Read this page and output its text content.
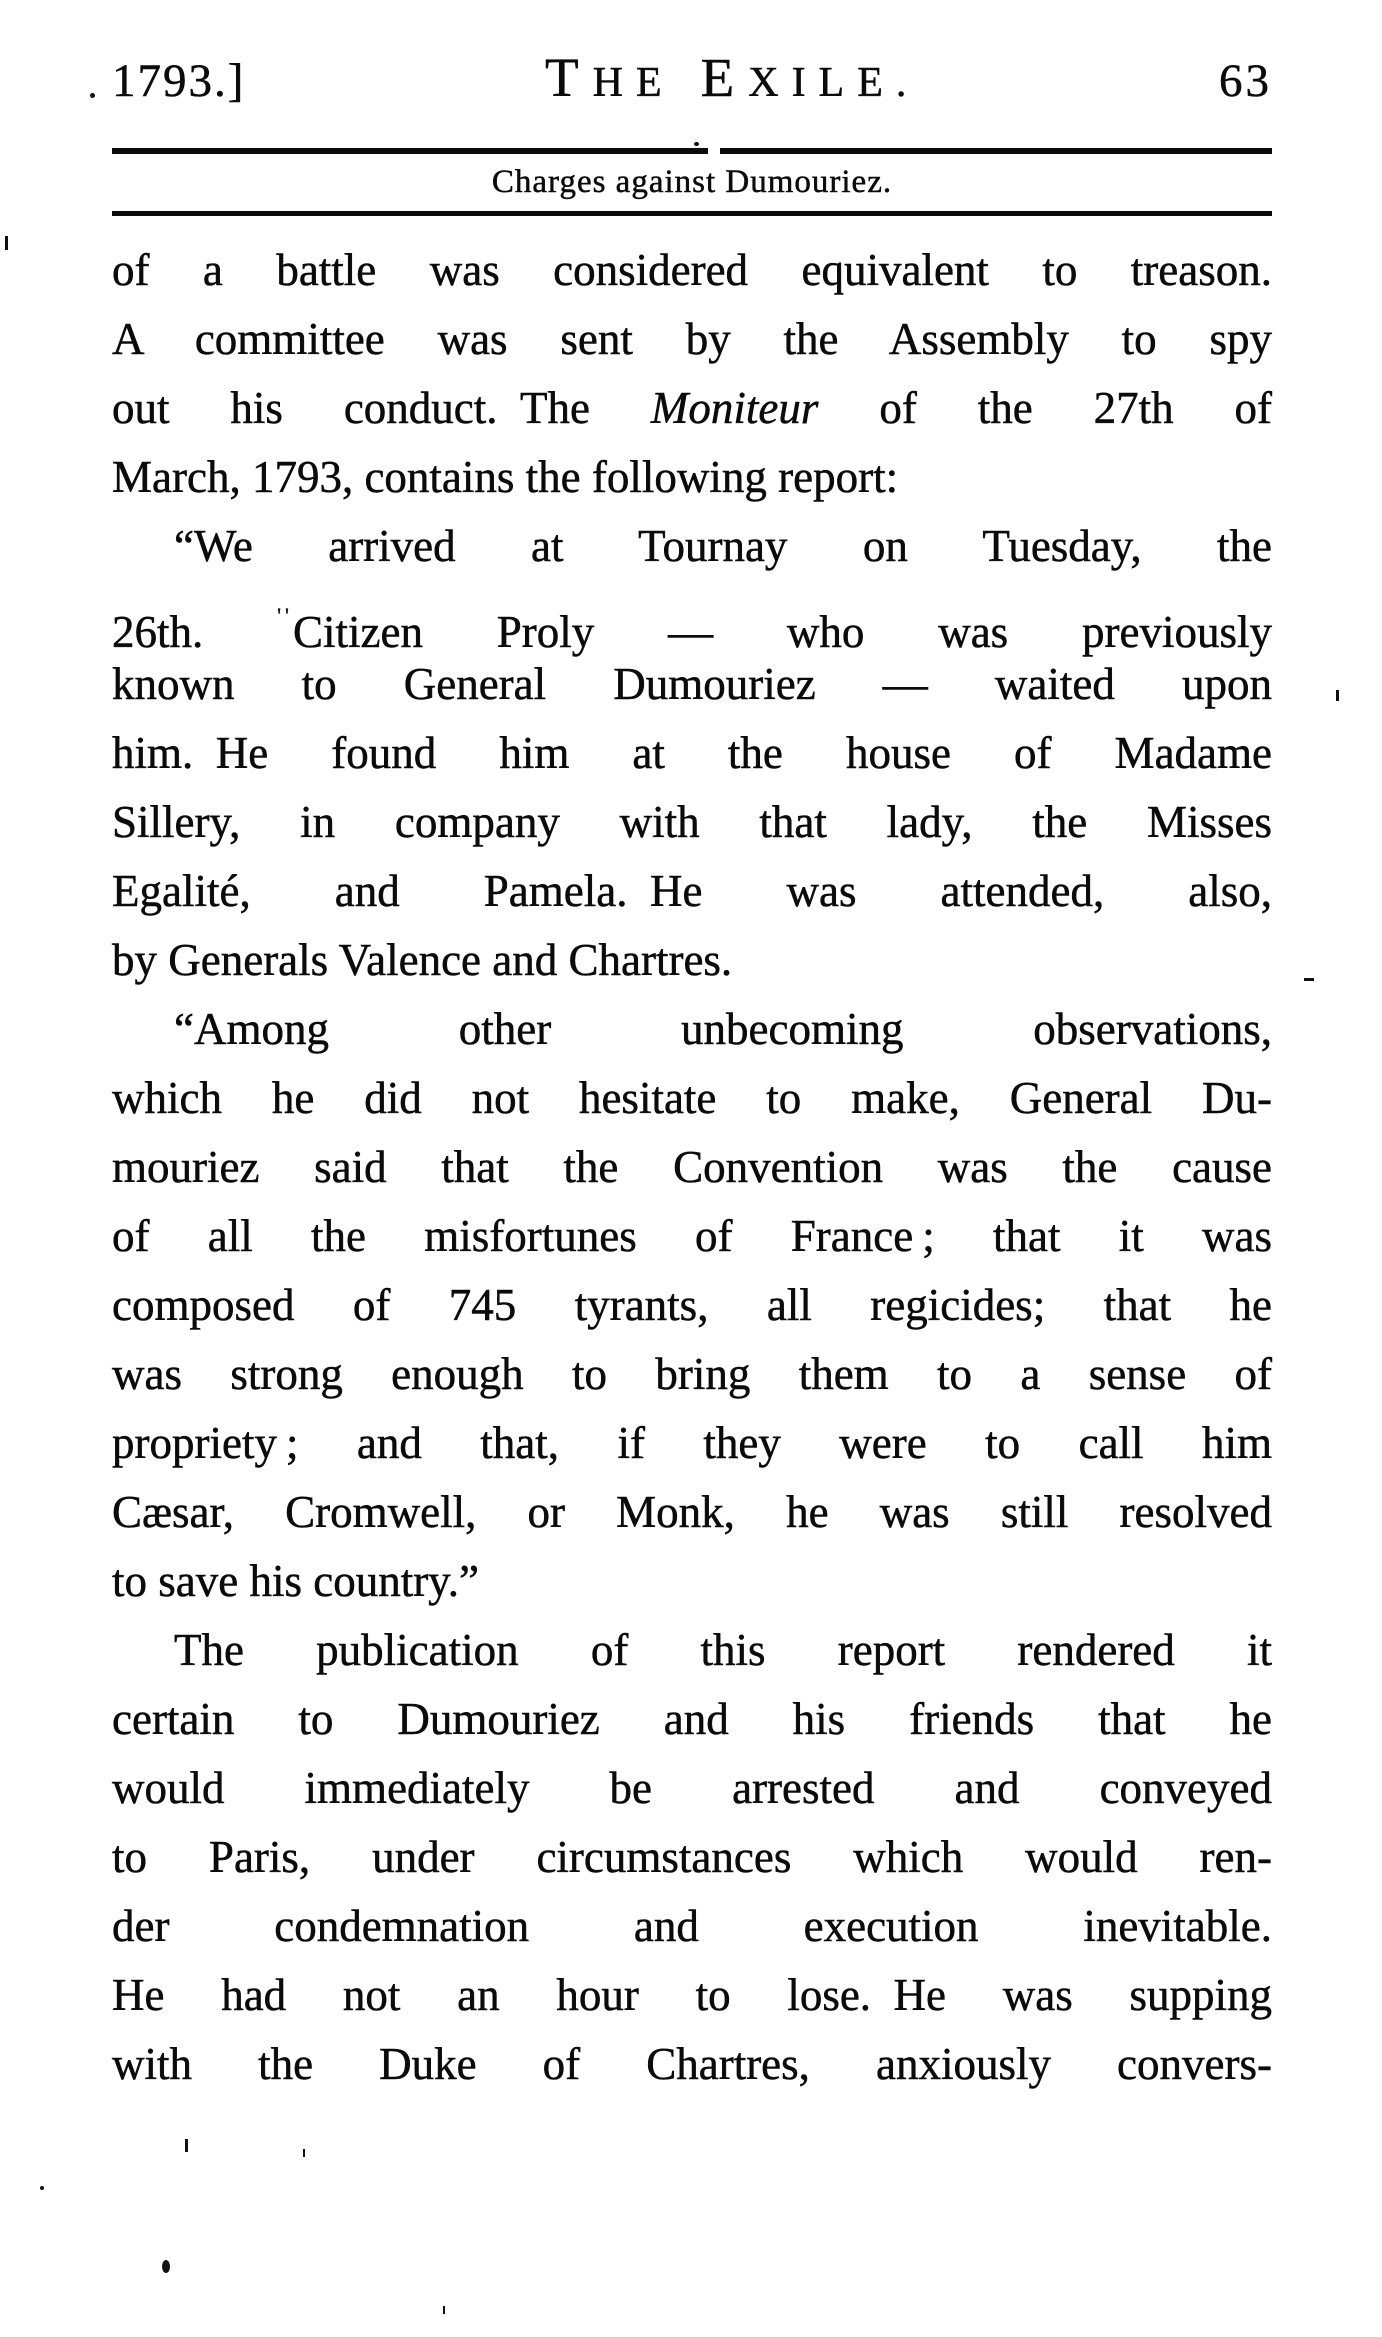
1793.]	THE EXILE.	63
Charges against Dumouriez.
of a battle was considered equivalent to treason.
A committee was sent by the Assembly to spy
out his conduct. The Moniteur of the 27th of
March, 1793, contains the following report:
“We arrived at Tournay on Tuesday, the
26th. ''Citizen Proly — who was previously
known to General Dumouriez — waited upon
him. He found him at the house of Madame
Sillery, in company with that lady, the Misses
Egalité, and Pamela. He was attended, also,
by Generals Valence and Chartres.
“Among other unbecoming observations,
which he did not hesitate to make, General Du-
mouriez said that the Convention was the cause
of all the misfortunes of France ; that it was
composed of 745 tyrants, all regicides; that he
was strong enough to bring them to a sense of
propriety ; and that, if they were to call him
Cæsar, Cromwell, or Monk, he was still resolved
to save his country.”
The publication of this report rendered it
certain to Dumouriez and his friends that he
would immediately be arrested and conveyed
to Paris, under circumstances which would ren-
der condemnation and execution inevitable.
He had not an hour to lose. He was supping
with the Duke of Chartres, anxiously convers-
